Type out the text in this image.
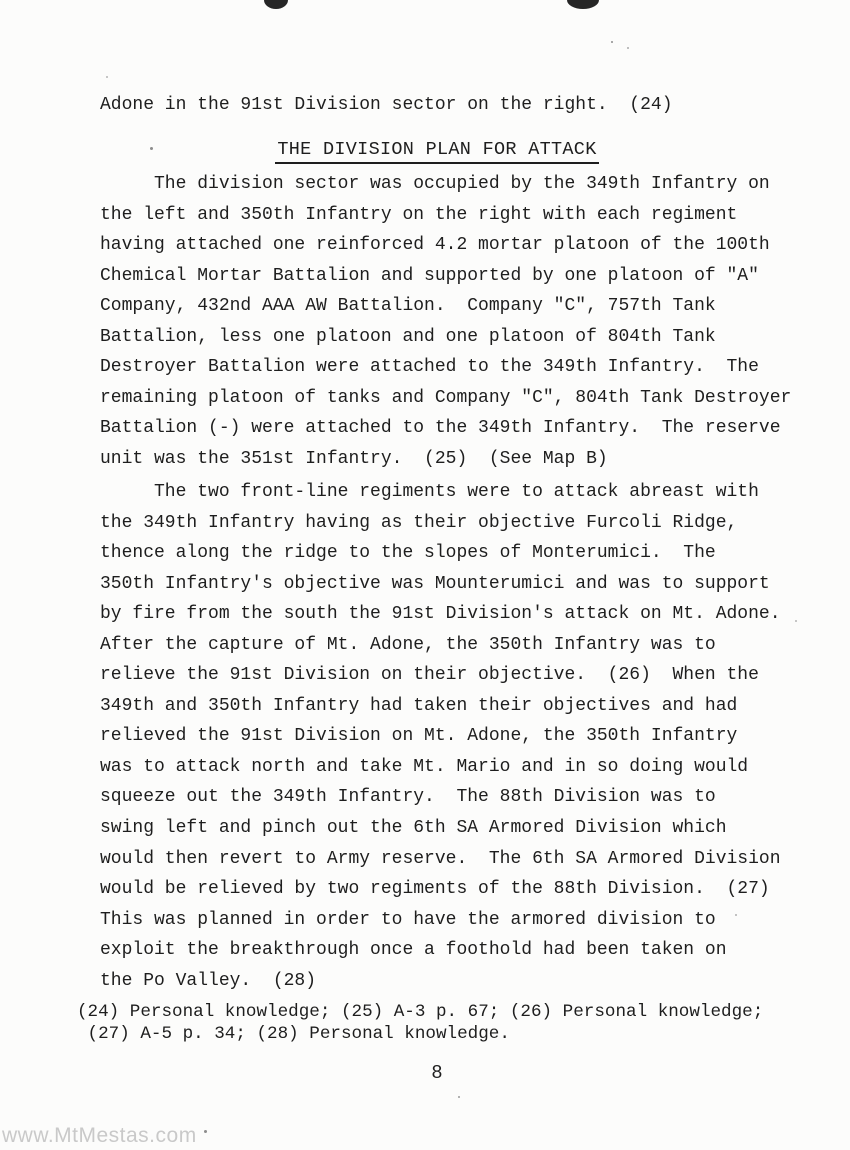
Adone in the 91st Division sector on the right.  (24)
THE DIVISION PLAN FOR ATTACK
The division sector was occupied by the 349th Infantry on
the left and 350th Infantry on the right with each regiment
having attached one reinforced 4.2 mortar platoon of the 100th
Chemical Mortar Battalion and supported by one platoon of "A"
Company, 432nd AAA AW Battalion.  Company "C", 757th Tank
Battalion, less one platoon and one platoon of 804th Tank
Destroyer Battalion were attached to the 349th Infantry.  The
remaining platoon of tanks and Company "C", 804th Tank Destroyer
Battalion (-) were attached to the 349th Infantry.  The reserve
unit was the 351st Infantry.  (25)  (See Map B)
The two front-line regiments were to attack abreast with
the 349th Infantry having as their objective Furcoli Ridge,
thence along the ridge to the slopes of Monterumici.  The
350th Infantry's objective was Mounterumici and was to support
by fire from the south the 91st Division's attack on Mt. Adone.
After the capture of Mt. Adone, the 350th Infantry was to
relieve the 91st Division on their objective.  (26)  When the
349th and 350th Infantry had taken their objectives and had
relieved the 91st Division on Mt. Adone, the 350th Infantry
was to attack north and take Mt. Mario and in so doing would
squeeze out the 349th Infantry.  The 88th Division was to
swing left and pinch out the 6th SA Armored Division which
would then revert to Army reserve.  The 6th SA Armored Division
would be relieved by two regiments of the 88th Division.  (27)
This was planned in order to have the armored division to
exploit the breakthrough once a foothold had been taken on
the Po Valley.  (28)
(24) Personal knowledge; (25) A-3 p. 67; (26) Personal knowledge;
(27) A-5 p. 34; (28) Personal knowledge.
8
www.MtMestas.com
